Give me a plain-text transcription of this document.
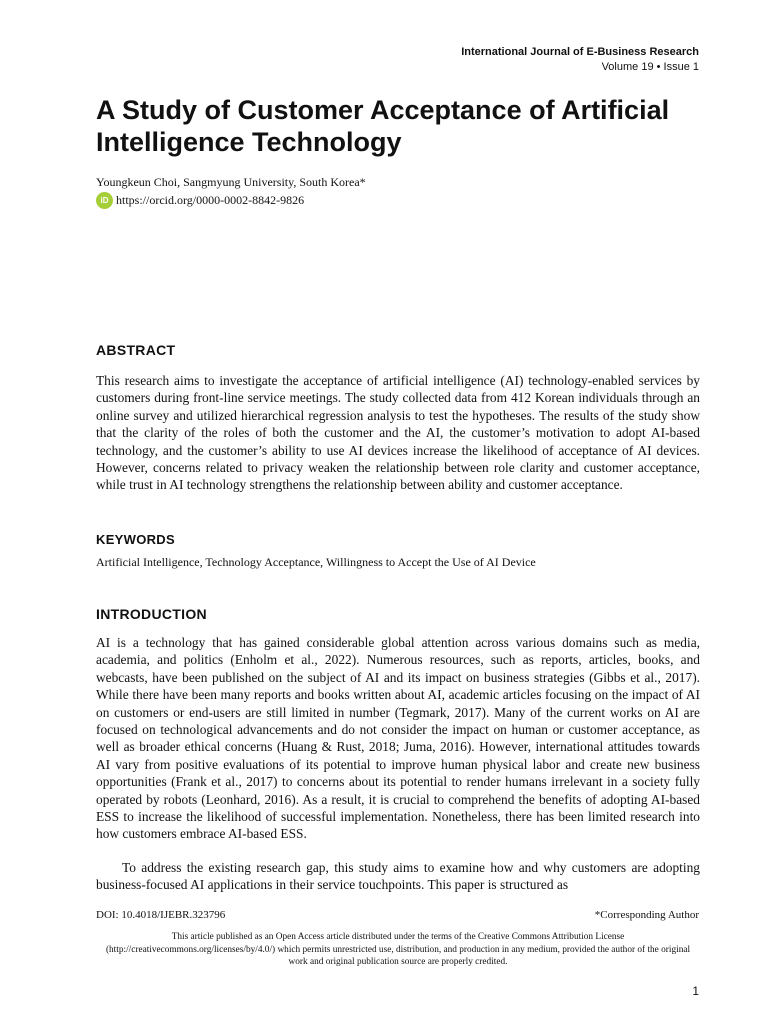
International Journal of E-Business Research
Volume 19 • Issue 1
A Study of Customer Acceptance of Artificial Intelligence Technology
Youngkeun Choi, Sangmyung University, South Korea*
iD https://orcid.org/0000-0002-8842-9826
ABSTRACT

This research aims to investigate the acceptance of artificial intelligence (AI) technology-enabled services by customers during front-line service meetings. The study collected data from 412 Korean individuals through an online survey and utilized hierarchical regression analysis to test the hypotheses. The results of the study show that the clarity of the roles of both the customer and the AI, the customer’s motivation to adopt AI-based technology, and the customer’s ability to use AI devices increase the likelihood of acceptance of AI devices. However, concerns related to privacy weaken the relationship between role clarity and customer acceptance, while trust in AI technology strengthens the relationship between ability and customer acceptance.

KEYWORDS

Artificial Intelligence, Technology Acceptance, Willingness to Accept the Use of AI Device

INTRODUCTION

AI is a technology that has gained considerable global attention across various domains such as media, academia, and politics (Enholm et al., 2022). Numerous resources, such as reports, articles, books, and webcasts, have been published on the subject of AI and its impact on business strategies (Gibbs et al., 2017). While there have been many reports and books written about AI, academic articles focusing on the impact of AI on customers or end-users are still limited in number (Tegmark, 2017). Many of the current works on AI are focused on technological advancements and do not consider the impact on human or customer acceptance, as well as broader ethical concerns (Huang & Rust, 2018; Juma, 2016). However, international attitudes towards AI vary from positive evaluations of its potential to improve human physical labor and create new business opportunities (Frank et al., 2017) to concerns about its potential to render humans irrelevant in a society fully operated by robots (Leonhard, 2016). As a result, it is crucial to comprehend the benefits of adopting AI-based ESS to increase the likelihood of successful implementation. Nonetheless, there has been limited research into how customers embrace AI-based ESS.

To address the existing research gap, this study aims to examine how and why customers are adopting business-focused AI applications in their service touchpoints. This paper is structured as

DOI: 10.4018/IJEBR.323796	*Corresponding Author

This article published as an Open Access article distributed under the terms of the Creative Commons Attribution License (http://creativecommons.org/licenses/by/4.0/) which permits unrestricted use, distribution, and production in any medium, provided the author of the original work and original publication source are properly credited.

1
